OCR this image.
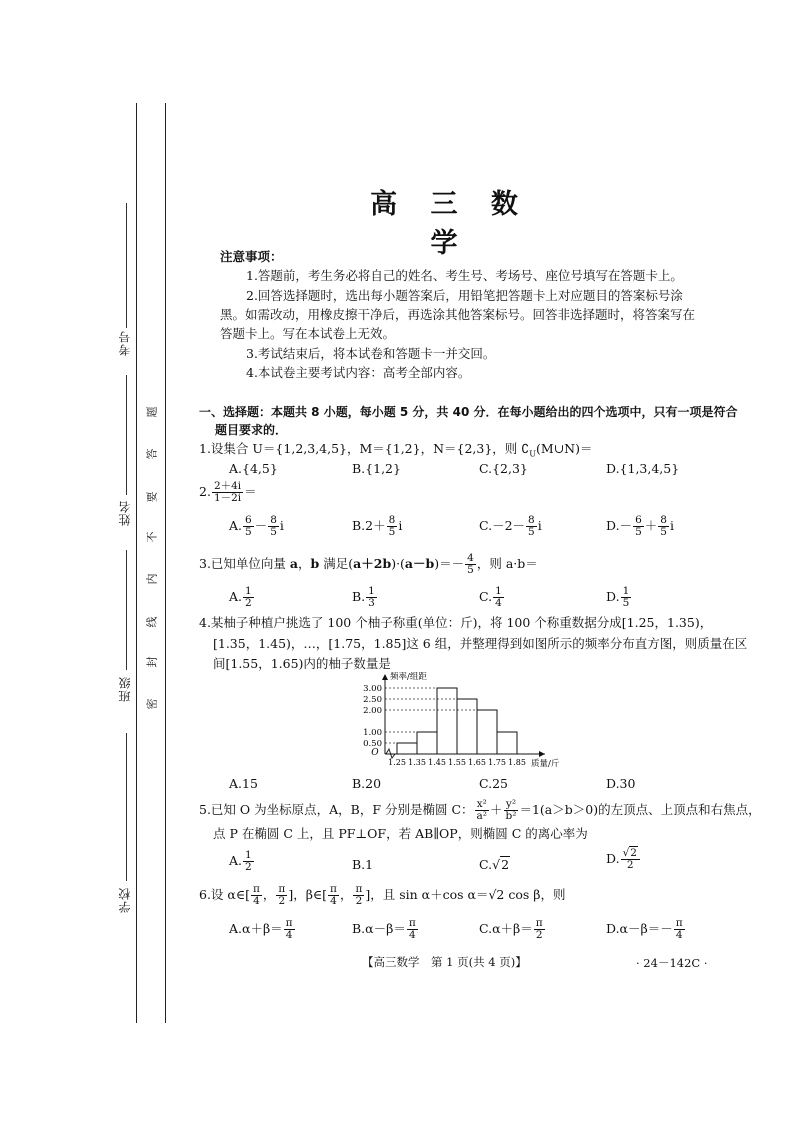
考号
姓名
班级
学校
题
答
要
不
内
线
封
密
高 三 数 学
注意事项：
1.答题前，考生务必将自己的姓名、考生号、考场号、座位号填写在答题卡上。
2.回答选择题时，选出每小题答案后，用铅笔把答题卡上对应题目的答案标号涂
黑。如需改动，用橡皮擦干净后，再选涂其他答案标号。回答非选择题时，将答案写在
答题卡上。写在本试卷上无效。
3.考试结束后，将本试卷和答题卡一并交回。
4.本试卷主要考试内容：高考全部内容。
一、选择题：本题共 8 小题，每小题 5 分，共 40 分．在每小题给出的四个选项中，只有一项是符合
题目要求的．
1.设集合 U＝{1,2,3,4,5}，M＝{1,2}，N＝{2,3}，则 $∁_U(M\cup N)=$
A.{4,5}	B.{1,2}	C.{2,3}	D.{1,3,4,5}
2. $\frac{2+4i}{1-2i}$ ＝
A. $\frac{6}{5} - \frac{8}{5}$ i	$B.2+ \frac{8}{5}$ i	$C.-2- \frac{8}{5}$ i	$D.- \frac{6}{5} + \frac{8}{5}$ i
3.已知单位向量 a，b 满足$(a+2b)\cdot(a-b)=- \frac{4}{5}$ ，则 a·b＝
A. $\frac{1}{2}$	B. $\frac{1}{3}$	C. $\frac{1}{4}$	D. $\frac{1}{5}$
4.某柚子种植户挑选了 100 个柚子称重(单位：斤)，将 100 个称重数据分成[1.25，1.35)，
[1.35，1.45)，…，[1.75，1.85]这 6 组，并整理得到如图所示的频率分布直方图，则质量在区
间[1.55，1.65)内的柚子数量是
0.50
1.00
2.00
2.50
3.00
1.25 1.35 1.45 1.55 1.65 1.75 1.85
O
频率/组距
质量/斤
A.15	B.20	C.25	D.30
5.已知 O 为坐标原点，A，B，F 分别是椭圆 C： $\frac{\text{x²}}{\text{a²}} + \frac{\text{y²}}{\text{b²}} =1(a>b>0)$的左顶点、上顶点和右焦点，
点 P 在椭圆 C 上，且 PF⊥OF，若 AB∥OP，则椭圆 C 的离心率为
A. $\frac{1}{2}$	B.1	C.√2	D. $\frac{√2}{2}$
6.设 α∈[ $\frac{\pi}{4}$ ， $\frac{\pi}{2}$ ]，β∈[ $\frac{\pi}{4}$ ， $\frac{\pi}{2}$ ]，且 sin α＋cos α＝√2 cos β，则
$A.\alpha+\beta= \frac{\pi}{4}$	$B.\alpha-\beta= \frac{\pi}{4}$	$C.\alpha+\beta= \frac{\pi}{2}$	$D.\alpha-\beta=- \frac{\pi}{4}$
【高三数学　第 1 页(共 4 页)】	· 24－142C ·
